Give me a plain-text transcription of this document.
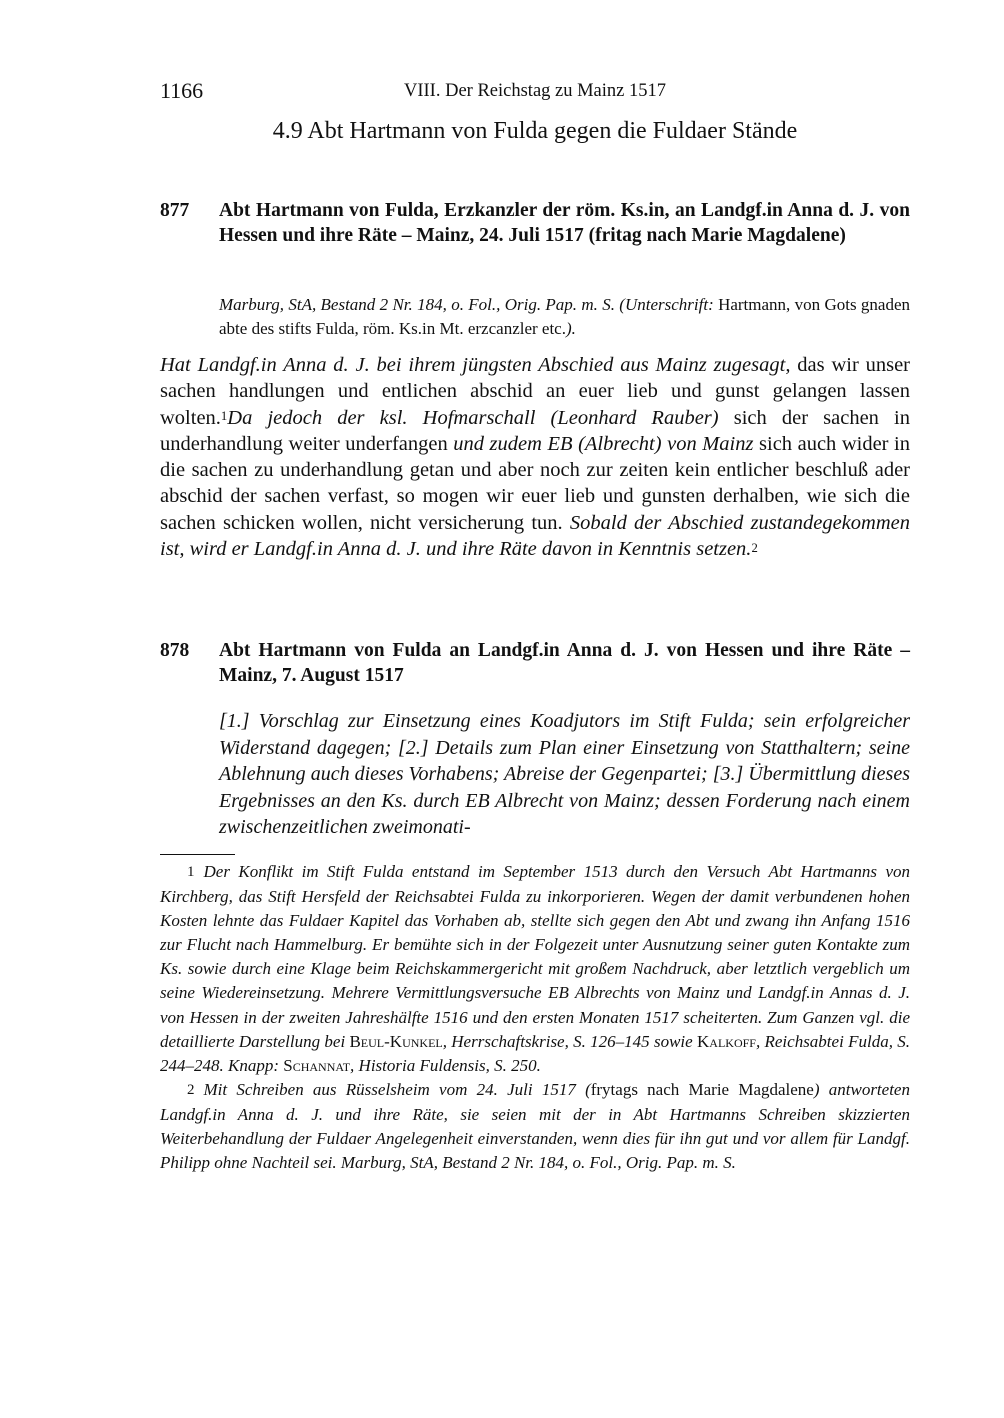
1166	VIII. Der Reichstag zu Mainz 1517
4.9 Abt Hartmann von Fulda gegen die Fuldaer Stände
877 Abt Hartmann von Fulda, Erzkanzler der röm. Ks.in, an Landgf.in Anna d. J. von Hessen und ihre Räte – Mainz, 24. Juli 1517 (fritag nach Marie Magdalene)
Marburg, StA, Bestand 2 Nr. 184, o. Fol., Orig. Pap. m. S. (Unterschrift: Hartmann, von Gots gnaden abte des stifts Fulda, röm. Ks.in Mt. erzcanzler etc.).
Hat Landgf.in Anna d. J. bei ihrem jüngsten Abschied aus Mainz zugesagt, das wir unser sachen handlungen und entlichen abschid an euer lieb und gunst gelangen lassen wolten.$^1$Da jedoch der ksl. Hofmarschall (Leonhard Rauber) sich der sachen in underhandlung weiter underfangen und zudem EB (Albrecht) von Mainz sich auch wider in die sachen zu underhandlung getan und aber noch zur zeiten kein entlicher beschluß ader abschid der sachen verfast, so mogen wir euer lieb und gunsten derhalben, wie sich die sachen schicken wollen, nicht versicherung tun. Sobald der Abschied zustandegekommen ist, wird er Landgf.in Anna d. J. und ihre Räte davon in Kenntnis setzen.$^2$
878 Abt Hartmann von Fulda an Landgf.in Anna d. J. von Hessen und ihre Räte – Mainz, 7. August 1517
[1.] Vorschlag zur Einsetzung eines Koadjutors im Stift Fulda; sein erfolgreicher Widerstand dagegen; [2.] Details zum Plan einer Einsetzung von Statthaltern; seine Ablehnung auch dieses Vorhabens; Abreise der Gegenpartei; [3.] Übermittlung dieses Ergebnisses an den Ks. durch EB Albrecht von Mainz; dessen Forderung nach einem zwischenzeitlichen zweimonati-

1 Der Konflikt im Stift Fulda entstand im September 1513 durch den Versuch Abt Hartmanns von Kirchberg, das Stift Hersfeld der Reichsabtei Fulda zu inkorporieren. Wegen der damit verbundenen hohen Kosten lehnte das Fuldaer Kapitel das Vorhaben ab, stellte sich gegen den Abt und zwang ihn Anfang 1516 zur Flucht nach Hammelburg. Er bemühte sich in der Folgezeit unter Ausnutzung seiner guten Kontakte zum Ks. sowie durch eine Klage beim Reichskammergericht mit großem Nachdruck, aber letztlich vergeblich um seine Wiedereinsetzung. Mehrere Vermittlungsversuche EB Albrechts von Mainz und Landgf.in Annas d. J. von Hessen in der zweiten Jahreshälfte 1516 und den ersten Monaten 1517 scheiterten. Zum Ganzen vgl. die detaillierte Darstellung bei Beul-Kunkel, Herrschaftskrise, S. 126–145 sowie Kalkoff, Reichsabtei Fulda, S. 244–248. Knapp: Schannat, Historia Fuldensis, S. 250.

2 Mit Schreiben aus Rüsselsheim vom 24. Juli 1517 (frytags nach Marie Magdalene) antworteten Landgf.in Anna d. J. und ihre Räte, sie seien mit der in Abt Hartmanns Schreiben skizzierten Weiterbehandlung der Fuldaer Angelegenheit einverstanden, wenn dies für ihn gut und vor allem für Landgf. Philipp ohne Nachteil sei. Marburg, StA, Bestand 2 Nr. 184, o. Fol., Orig. Pap. m. S.
